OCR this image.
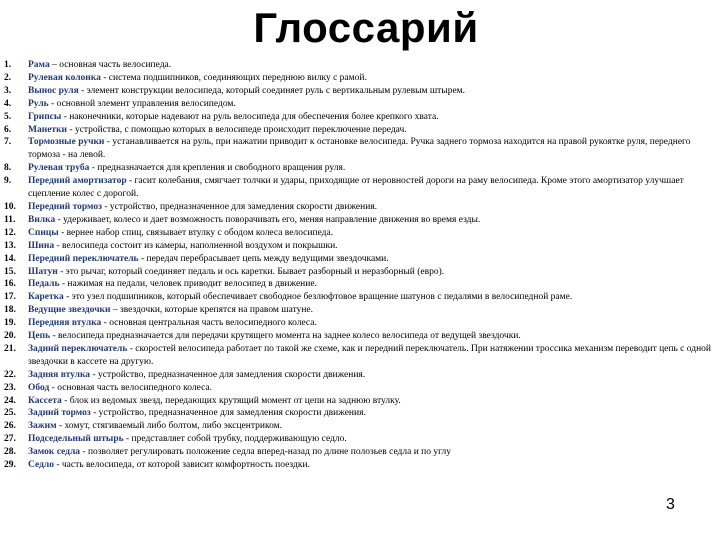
Глоссарий
1. Рама – основная часть велосипеда.
2. Рулевая колонка - система подшипников, соединяющих переднюю вилку с рамой.
3. Вынос руля - элемент конструкции велосипеда, который соединяет руль с вертикальным рулевым штырем.
4. Руль - основной элемент управления велосипедом.
5. Грипсы - наконечники, которые надевают на руль велосипеда для обеспечения более крепкого хвата.
6. Манетки - устройства, с помощью которых в велосипеде происходит переключение передач.
7. Тормозные ручки - устанавливается на руль, при нажатии приводит к остановке велосипеда. Ручка заднего тормоза находится на правой рукоятке руля, переднего тормоза - на левой.
8. Рулевая труба - предназначается для крепления и свободного вращения руля.
9. Передний амортизатор - гасит колебания, смягчает толчки и удары, приходящие от неровностей дороги на раму велосипеда. Кроме этого амортизатор улучшает сцепление колес с дорогой.
10. Передний тормоз - устройство, предназначенное для замедления скорости движения.
11. Вилка - удерживает, колесо и дает возможность поворачивать его, меняя направление движения во время езды.
12. Спицы - вернее набор спиц, связывает втулку с ободом колеса велосипеда.
13. Шина - велосипеда состоит из камеры, наполненной воздухом и покрышки.
14. Передний переключатель - передач перебрасывает цепь между ведущими звездочками.
15. Шатун - это рычаг, который соединяет педаль и ось каретки. Бывает разборный и неразборный (евро).
16. Педаль - нажимая на педали, человек приводит велосипед в движение.
17. Каретка - это узел подшипников, который обеспечивает свободное безлюфтовое вращение шатунов с педалями в велосипедной раме.
18. Ведущие звездочки – звездочки, которые крепятся на правом шатуне.
19. Передняя втулка - основная центральная часть велосипедного колеса.
20. Цепь - велосипеда предназначается для передачи крутящего момента на заднее колесо велосипеда от ведущей звездочки.
21. Задний переключатель - скоростей велосипеда работает по такой же схеме, как и передний переключатель. При натяжении троссика механизм переводит цепь с одной звездочки в кассете на другую.
22. Задняя втулка - устройство, предназначенное для замедления скорости движения.
23. Обод - основная часть велосипедного колеса.
24. Кассета - блок из ведомых звезд, передающих крутящий момент от цепи на заднюю втулку.
25. Задний тормоз - устройство, предназначенное для замедления скорости движения.
26. Зажим - хомут, стягиваемый либо болтом, либо эксцентриком.
27. Подседельный штырь - представляет собой трубку, поддерживающую седло.
28. Замок седла - позволяет регулировать положение седла вперед-назад по длине полозьев седла и по углу
29. Седло - часть велосипеда, от которой зависит комфортность поездки.
3
